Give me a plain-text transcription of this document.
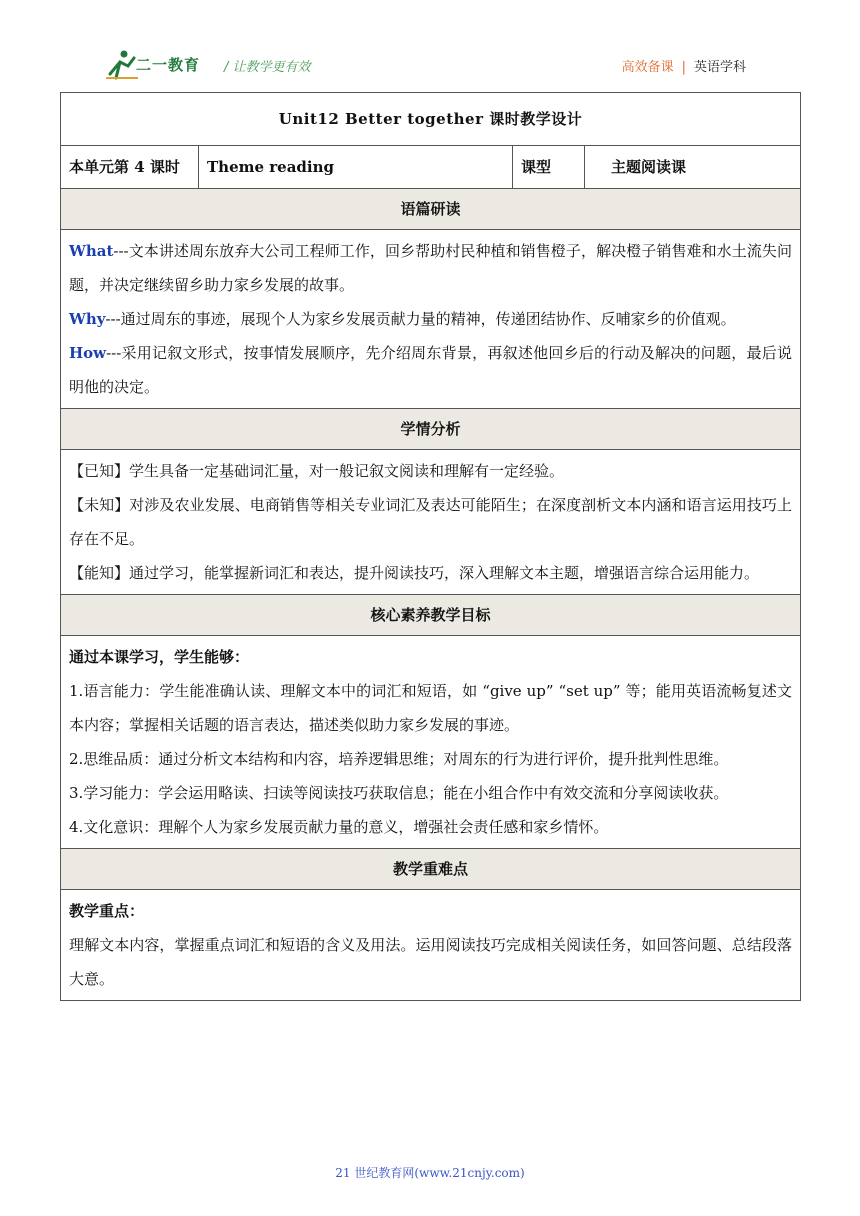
二一教育 / 让教学更有效	高效备课 | 英语学科
Unit12 Better together 课时教学设计
本单元第 4 课时	Theme reading	课型	主题阅读课
语篇研读

What---文本讲述周东放弃大公司工程师工作，回乡帮助村民种植和销售橙子，解决橙子销售难和水土流失问题，并决定继续留乡助力家乡发展的故事。

Why---通过周东的事迹，展现个人为家乡发展贡献力量的精神，传递团结协作、反哺家乡的价值观。

How---采用记叙文形式，按事情发展顺序，先介绍周东背景，再叙述他回乡后的行动及解决的问题，最后说明他的决定。

学情分析

【已知】学生具备一定基础词汇量，对一般记叙文阅读和理解有一定经验。

【未知】对涉及农业发展、电商销售等相关专业词汇及表达可能陌生；在深度剖析文本内涵和语言运用技巧上存在不足。

【能知】通过学习，能掌握新词汇和表达，提升阅读技巧，深入理解文本主题，增强语言综合运用能力。

核心素养教学目标

通过本课学习，学生能够：

1.语言能力：学生能准确认读、理解文本中的词汇和短语，如 “give up” “set up” 等；能用英语流畅复述文本内容；掌握相关话题的语言表达，描述类似助力家乡发展的事迹。

2.思维品质：通过分析文本结构和内容，培养逻辑思维；对周东的行为进行评价，提升批判性思维。

3.学习能力：学会运用略读、扫读等阅读技巧获取信息；能在小组合作中有效交流和分享阅读收获。

4.文化意识：理解个人为家乡发展贡献力量的意义，增强社会责任感和家乡情怀。

教学重难点

教学重点：

理解文本内容，掌握重点词汇和短语的含义及用法。运用阅读技巧完成相关阅读任务，如回答问题、总结段落大意。

21 世纪教育网(www.21cnjy.com)
